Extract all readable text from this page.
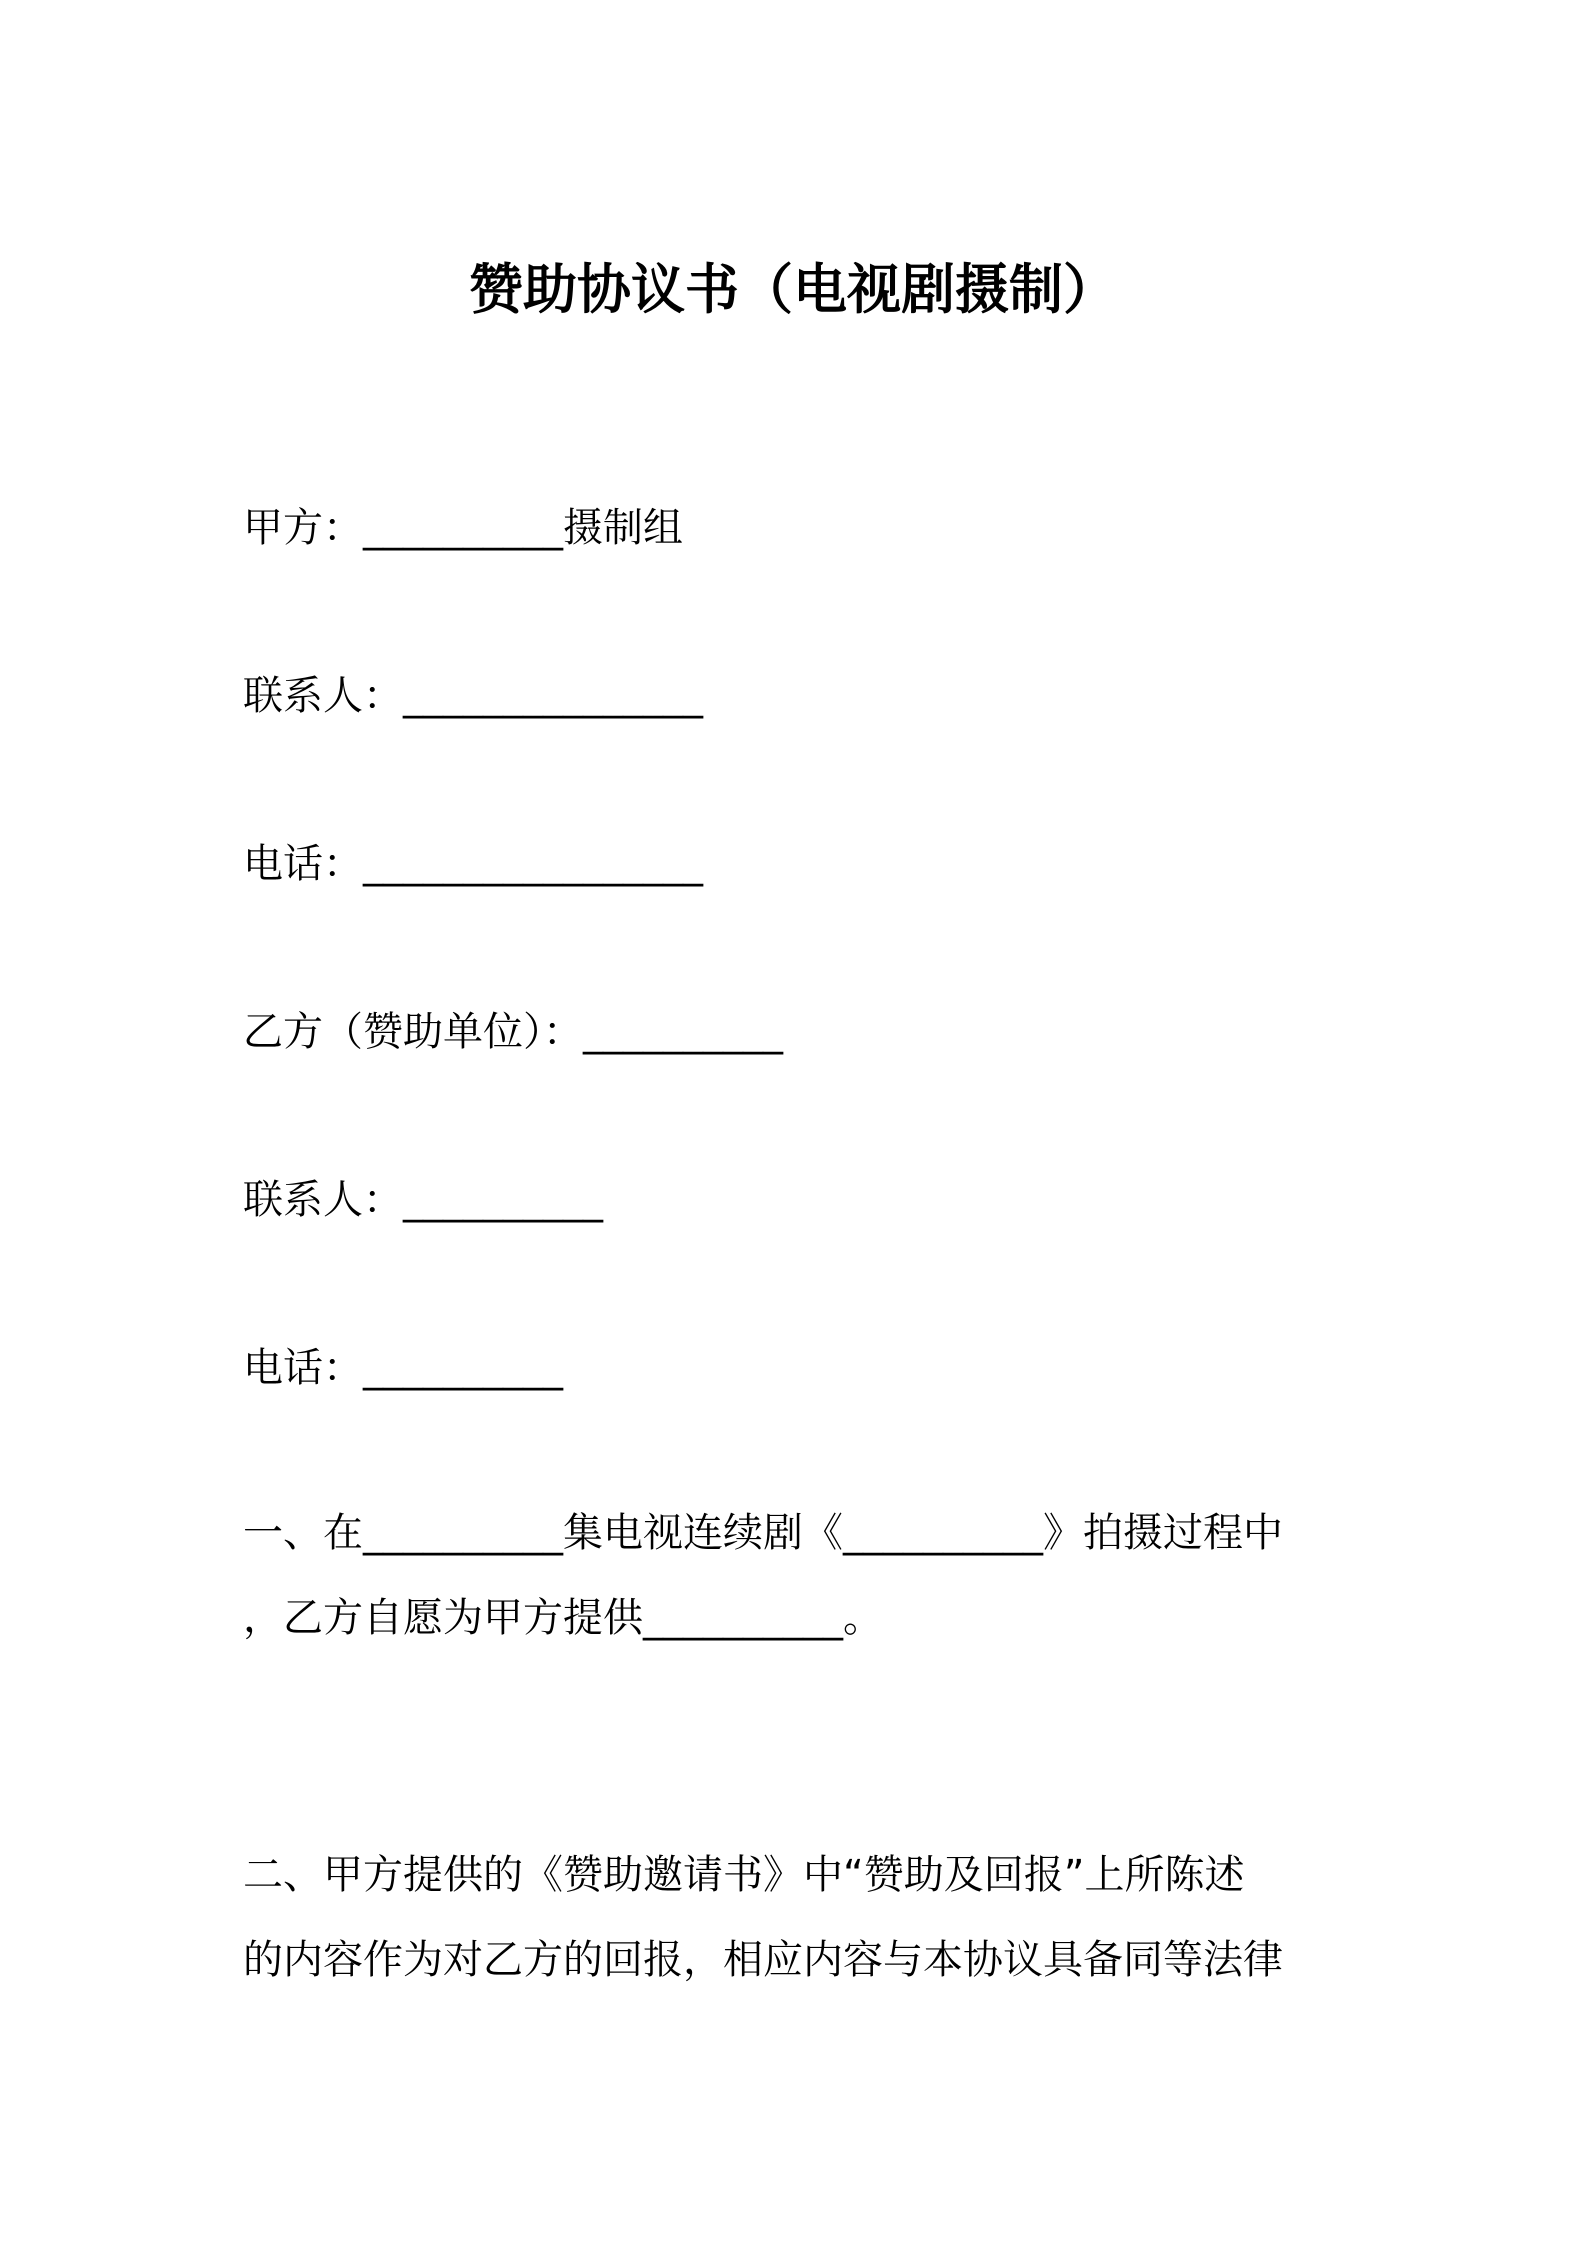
赞助协议书（电视剧摄制）
甲方：__________摄制组
联系人：_______________
电话：_________________
乙方（赞助单位）：__________
联系人：__________
电话：__________
一、在__________集电视连续剧《__________》拍摄过程中
，乙方自愿为甲方提供__________。
二、甲方提供的《赞助邀请书》中“赞助及回报”上所陈述
的内容作为对乙方的回报，相应内容与本协议具备同等法律
